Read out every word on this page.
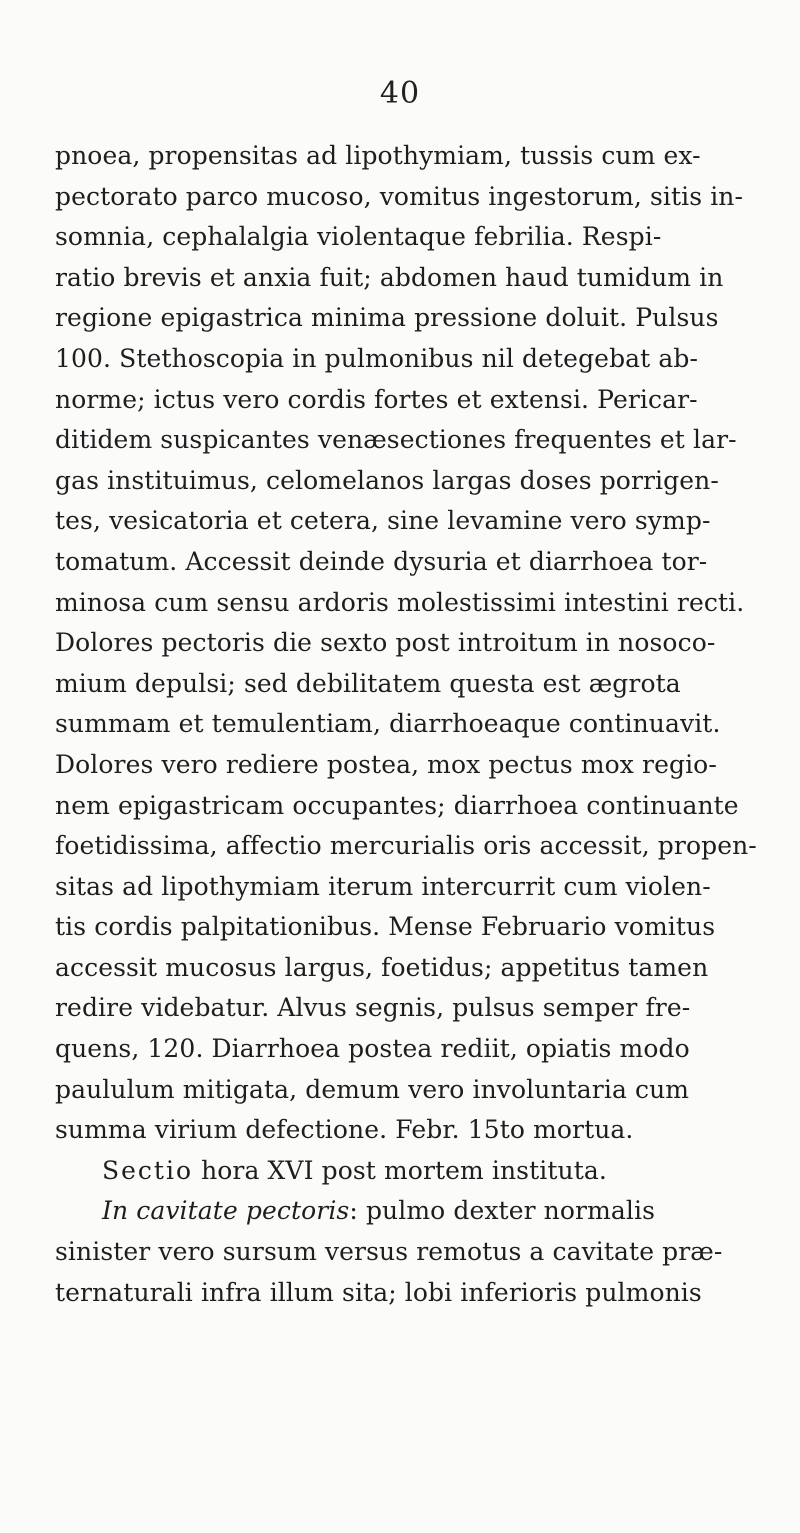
40
pnoea, propensitas ad lipothymiam, tussis cum ex-
pectorato parco mucoso, vomitus ingestorum, sitis in-
somnia, cephalalgia violentaque febrilia. Respi-
ratio brevis et anxia fuit; abdomen haud tumidum in
regione epigastrica minima pressione doluit. Pulsus
100. Stethoscopia in pulmonibus nil detegebat ab-
norme; ictus vero cordis fortes et extensi. Pericar-
ditidem suspicantes venæsectiones frequentes et lar-
gas instituimus, celomelanos largas doses porrigen-
tes, vesicatoria et cetera, sine levamine vero symp-
tomatum. Accessit deinde dysuria et diarrhoea tor-
minosa cum sensu ardoris molestissimi intestini recti.
Dolores pectoris die sexto post introitum in nosoco-
mium depulsi; sed debilitatem questa est ægrota
summam et temulentiam, diarrhoeaque continuavit.
Dolores vero rediere postea, mox pectus mox regio-
nem epigastricam occupantes; diarrhoea continuante
foetidissima, affectio mercurialis oris accessit, propen-
sitas ad lipothymiam iterum intercurrit cum violen-
tis cordis palpitationibus. Mense Februario vomitus
accessit mucosus largus, foetidus; appetitus tamen
redire videbatur. Alvus segnis, pulsus semper fre-
quens, 120. Diarrhoea postea rediit, opiatis modo
paululum mitigata, demum vero involuntaria cum
summa virium defectione. Febr. 15to mortua.
Sectio hora XVI post mortem instituta.
In cavitate pectoris: pulmo dexter normalis
sinister vero sursum versus remotus a cavitate præ-
ternaturali infra illum sita; lobi inferioris pulmonis
